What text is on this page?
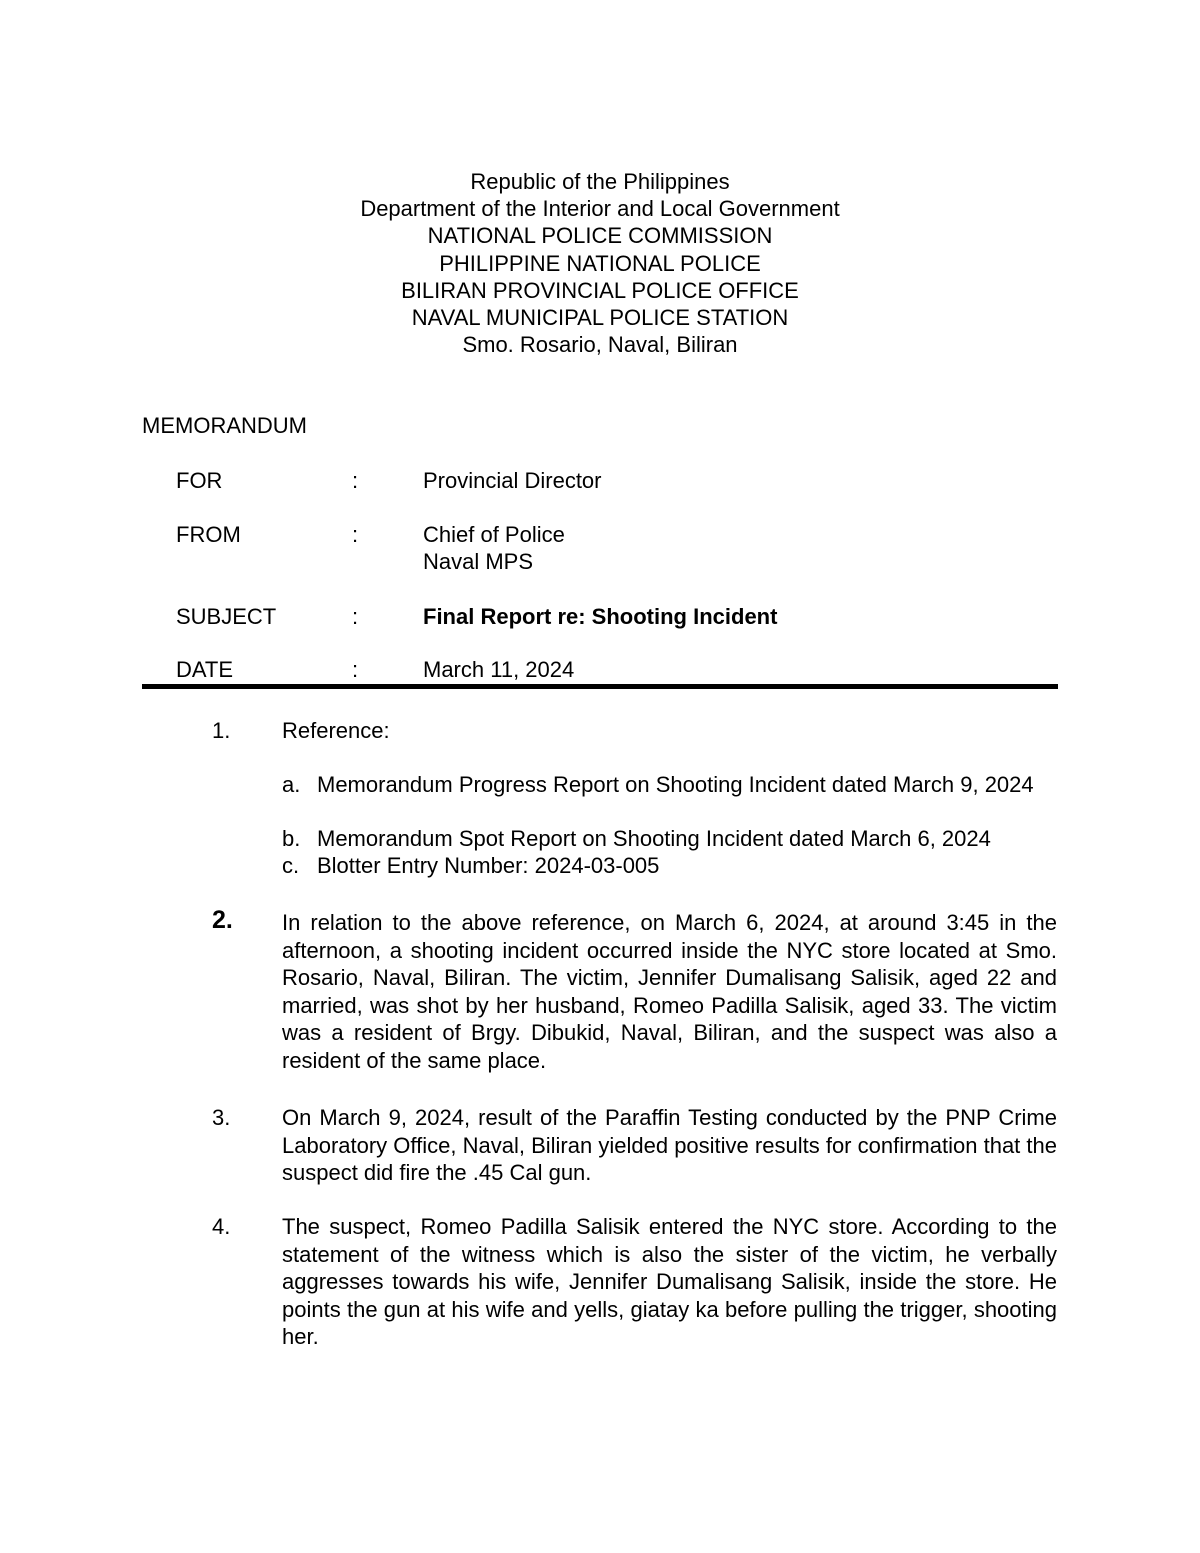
Republic of the Philippines
Department of the Interior and Local Government
NATIONAL POLICE COMMISSION
PHILIPPINE NATIONAL POLICE
BILIRAN PROVINCIAL POLICE OFFICE
NAVAL MUNICIPAL POLICE STATION
Smo. Rosario, Naval, Biliran
MEMORANDUM
FOR	:	Provincial Director
FROM	:	Chief of Police
Naval MPS
SUBJECT	:	Final Report re: Shooting Incident
DATE	:	March 11, 2024
1. Reference:
a. Memorandum Progress Report on Shooting Incident dated March 9, 2024
b. Memorandum Spot Report on Shooting Incident dated March 6, 2024
c. Blotter Entry Number: 2024-03-005
2. In relation to the above reference, on March 6, 2024, at around 3:45 in the afternoon, a shooting incident occurred inside the NYC store located at Smo. Rosario, Naval, Biliran. The victim, Jennifer Dumalisang Salisik, aged 22 and married, was shot by her husband, Romeo Padilla Salisik, aged 33. The victim was a resident of Brgy. Dibukid, Naval, Biliran, and the suspect was also a resident of the same place.
3. On March 9, 2024, result of the Paraffin Testing conducted by the PNP Crime Laboratory Office, Naval, Biliran yielded positive results for confirmation that the suspect did fire the .45 Cal gun.
4. The suspect, Romeo Padilla Salisik entered the NYC store. According to the statement of the witness which is also the sister of the victim, he verbally aggresses towards his wife, Jennifer Dumalisang Salisik, inside the store. He points the gun at his wife and yells, giatay ka before pulling the trigger, shooting her.
